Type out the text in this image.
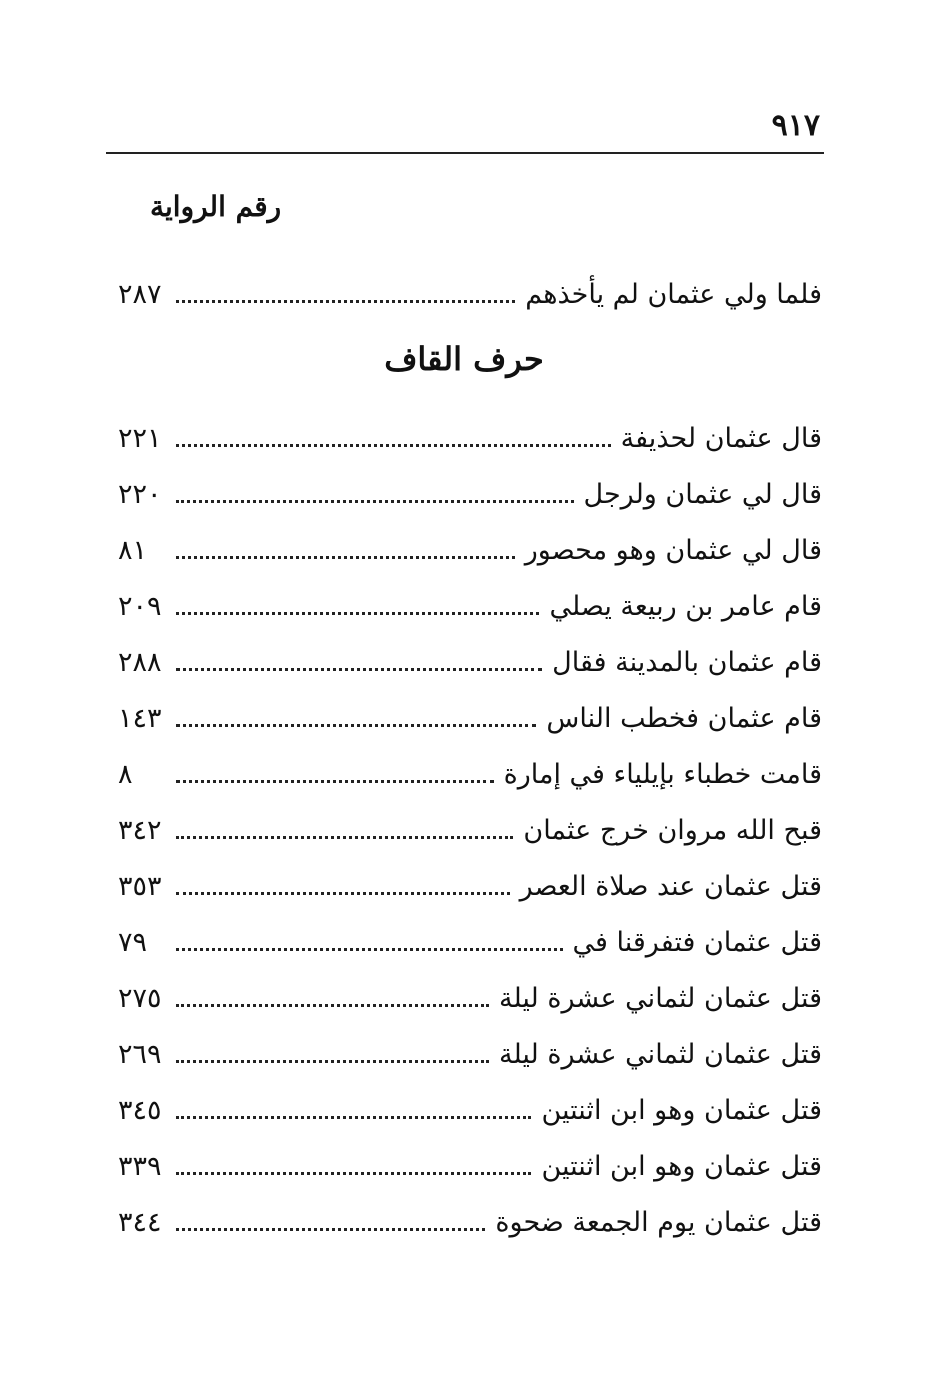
٩١٧
رقم الرواية
فلما ولي عثمان لم يأخذهم
٢٨٧
حرف القاف
قال عثمان لحذيفة
٢٢١
قال لي عثمان ولرجل
٢٢٠
قال لي عثمان وهو محصور
٨١
قام عامر بن ربيعة يصلي
٢٠٩
قام عثمان بالمدينة فقال
٢٨٨
قام عثمان فخطب الناس
١٤٣
قامت خطباء بإيلياء في إمارة
٨
قبح الله مروان خرج عثمان
٣٤٢
قتل عثمان عند صلاة العصر
٣٥٣
قتل عثمان فتفرقنا في
٧٩
قتل عثمان لثماني عشرة ليلة
٢٧٥
قتل عثمان لثماني عشرة ليلة
٢٦٩
قتل عثمان وهو ابن اثنتين
٣٤٥
قتل عثمان وهو ابن اثنتين
٣٣٩
قتل عثمان يوم الجمعة ضحوة
٣٤٤
